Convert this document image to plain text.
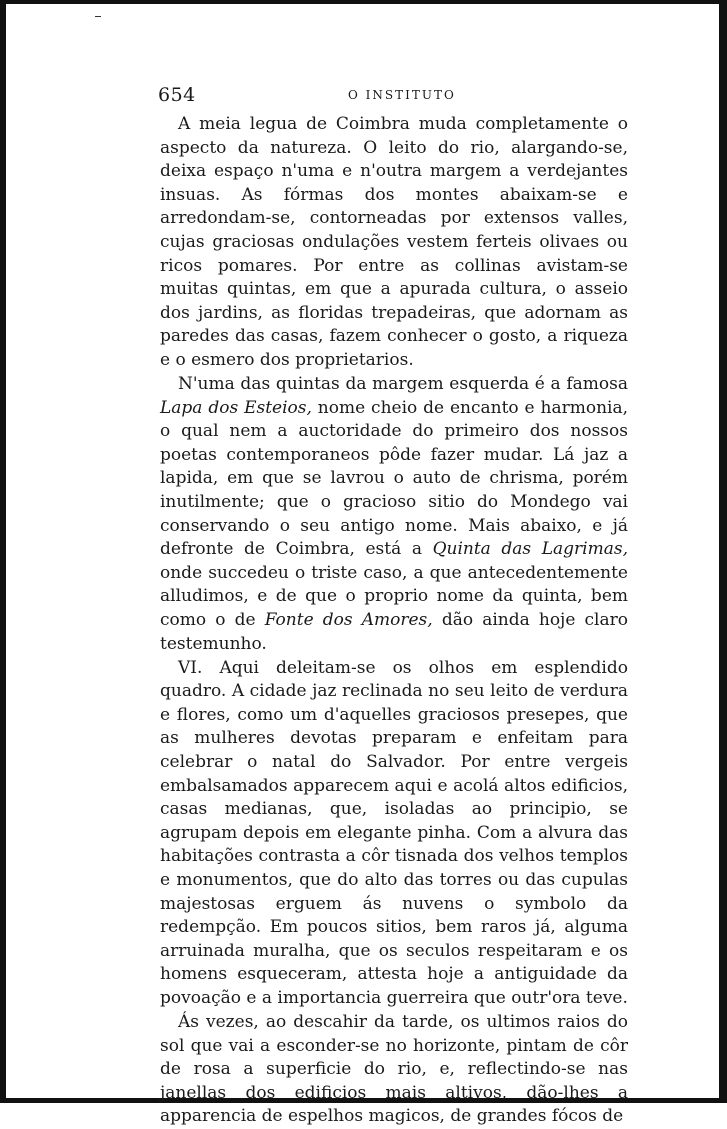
654	O INSTITUTO

A meia legua de Coimbra muda completamente o aspecto da natureza. O leito do rio, alargando-se, deixa espaço n'uma e n'outra margem a verdejantes insuas. As fórmas dos montes abaixam-se e arredondam-se, contorneadas por extensos valles, cujas graciosas ondulações vestem ferteis olivaes ou ricos pomares. Por entre as collinas avistam-se muitas quintas, em que a apurada cultura, o asseio dos jardins, as floridas trepadeiras, que adornam as paredes das casas, fazem conhecer o gosto, a riqueza e o esmero dos proprietarios.

N'uma das quintas da margem esquerda é a famosa Lapa dos Esteios, nome cheio de encanto e harmonia, o qual nem a auctoridade do primeiro dos nossos poetas contemporaneos pôde fazer mudar. Lá jaz a lapida, em que se lavrou o auto de chrisma, porém inutilmente; que o gracioso sitio do Mondego vai conservando o seu antigo nome. Mais abaixo, e já defronte de Coimbra, está a Quinta das Lagrimas, onde succedeu o triste caso, a que antecedentemente alludimos, e de que o proprio nome da quinta, bem como o de Fonte dos Amores, dão ainda hoje claro testemunho.

VI. Aqui deleitam-se os olhos em esplendido quadro. A cidade jaz reclinada no seu leito de verdura e flores, como um d'aquelles graciosos presepes, que as mulheres devotas preparam e enfeitam para celebrar o natal do Salvador. Por entre vergeis embalsamados apparecem aqui e acolá altos edificios, casas medianas, que, isoladas ao principio, se agrupam depois em elegante pinha. Com a alvura das habitações contrasta a côr tisnada dos velhos templos e monumentos, que do alto das torres ou das cupulas majestosas erguem ás nuvens o symbolo da redempção. Em poucos sitios, bem raros já, alguma arruinada muralha, que os seculos respeitaram e os homens esqueceram, attesta hoje a antiguidade da povoação e a importancia guerreira que outr'ora teve.

Ás vezes, ao descahir da tarde, os ultimos raios do sol que vai a esconder-se no horizonte, pintam de côr de rosa a superficie do rio, e, reflectindo-se nas janellas dos edificios mais altivos, dão-lhes a apparencia de espelhos magicos, de grandes fócos de
